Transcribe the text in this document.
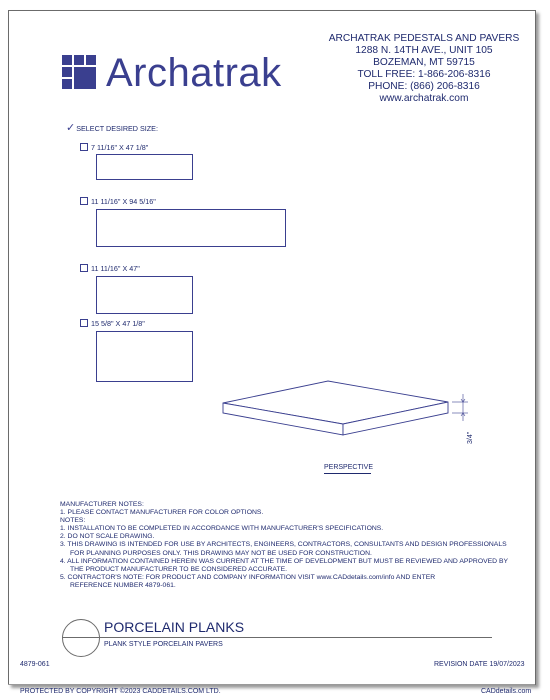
Archatrak
ARCHATRAK PEDESTALS AND PAVERS
1288 N. 14TH AVE., UNIT 105
BOZEMAN, MT 59715
TOLL FREE: 1-866-206-8316
PHONE: (866) 206-8316
www.archatrak.com
✓SELECT DESIRED SIZE:
7 11/16" X 47 1/8"
11 11/16" X 94 5/16"
11 11/16" X 47"
15 5/8" X 47 1/8"
3/4"
PERSPECTIVE
MANUFACTURER NOTES:
1. PLEASE CONTACT MANUFACTURER FOR COLOR OPTIONS.
NOTES:
1. INSTALLATION TO BE COMPLETED IN ACCORDANCE WITH MANUFACTURER'S SPECIFICATIONS.
2. DO NOT SCALE DRAWING.
3. THIS DRAWING IS INTENDED FOR USE BY ARCHITECTS, ENGINEERS, CONTRACTORS, CONSULTANTS AND DESIGN PROFESSIONALS
FOR PLANNING PURPOSES ONLY. THIS DRAWING MAY NOT BE USED FOR CONSTRUCTION.
4. ALL INFORMATION CONTAINED HEREIN WAS CURRENT AT THE TIME OF DEVELOPMENT BUT MUST BE REVIEWED AND APPROVED BY
THE PRODUCT MANUFACTURER TO BE CONSIDERED ACCURATE.
5. CONTRACTOR'S NOTE: FOR PRODUCT AND COMPANY INFORMATION VISIT www.CADdetails.com/info AND ENTER
REFERENCE NUMBER 4879-061.
PORCELAIN PLANKS
PLANK STYLE PORCELAIN PAVERS
4879-061	REVISION DATE 19/07/2023
PROTECTED BY COPYRIGHT ©2023 CADDETAILS.COM LTD.	CADdetails.com
